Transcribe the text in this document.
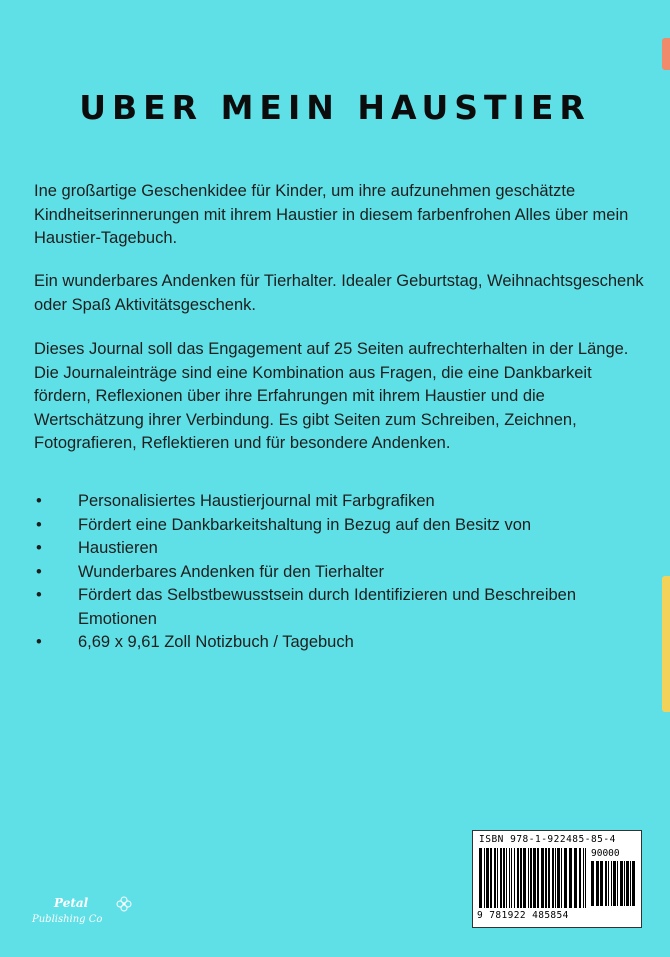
UBER MEIN HAUSTIER

Ine großartige Geschenkidee für Kinder, um ihre aufzunehmen geschätzte Kindheitserinnerungen mit ihrem Haustier in diesem farbenfrohen Alles über mein Haustier-Tagebuch.

Ein wunderbares Andenken für Tierhalter. Idealer Geburtstag, Weihnachtsgeschenk oder Spaß Aktivitätsgeschenk.

Dieses Journal soll das Engagement auf 25 Seiten aufrechterhalten in der Länge. Die Journaleinträge sind eine Kombination aus Fragen, die eine Dankbarkeit fördern, Reflexionen über ihre Erfahrungen mit ihrem Haustier und die Wertschätzung ihrer Verbindung. Es gibt Seiten zum Schreiben, Zeichnen, Fotografieren, Reflektieren und für besondere Andenken.

• Personalisiertes Haustierjournal mit Farbgrafiken
• Fördert eine Dankbarkeitshaltung in Bezug auf den Besitz von
• Haustieren
• Wunderbares Andenken für den Tierhalter
• Fördert das Selbstbewusstsein durch Identifizieren und Beschreiben Emotionen
• 6,69 x 9,61 Zoll Notizbuch / Tagebuch
ISBN 978-1-922485-85-4
90000
9 781922 485854
Petal
Publishing Co
